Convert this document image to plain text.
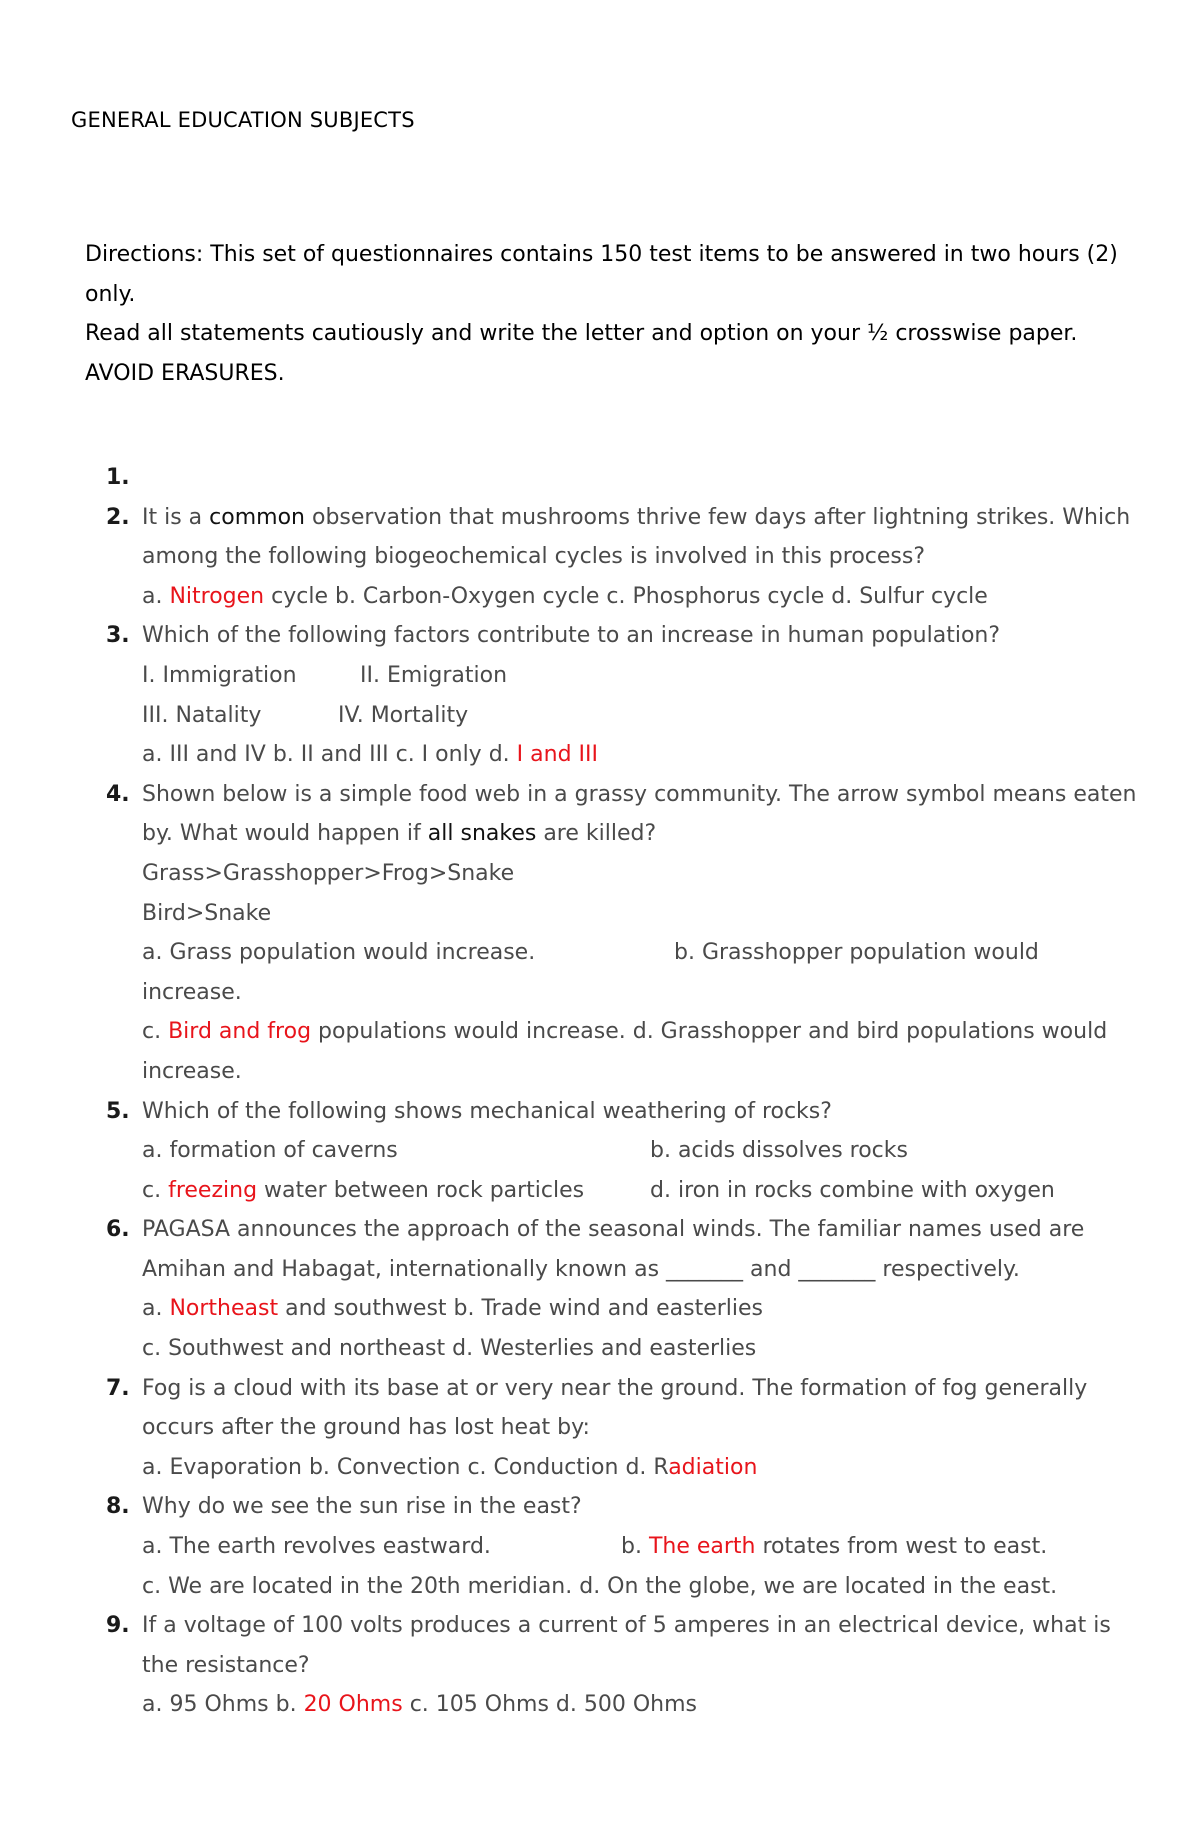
GENERAL EDUCATION SUBJECTS

Directions: This set of questionnaires contains 150 test items to be answered in two hours (2) only.

Read all statements cautiously and write the letter and option on your ½ crosswise paper.

AVOID ERASURES.

1.

2. It is a common observation that mushrooms thrive few days after lightning strikes. Which among the following biogeochemical cycles is involved in this process?
a. Nitrogen cycle b. Carbon-Oxygen cycle c. Phosphorus cycle d. Sulfur cycle
3. Which of the following factors contribute to an increase in human population?
I. Immigration	II. Emigration
III. Natality	IV. Mortality
a. III and IV b. II and III c. I only d. I and III
4. Shown below is a simple food web in a grassy community. The arrow symbol means eaten by. What would happen if all snakes are killed?
Grass>Grasshopper>Frog>Snake
Bird>Snake
a. Grass population would increase.	b. Grasshopper population would increase.
c. Bird and frog populations would increase. d. Grasshopper and bird populations would increase.
5. Which of the following shows mechanical weathering of rocks?
a. formation of caverns	b. acids dissolves rocks
c. freezing water between rock particles	d. iron in rocks combine with oxygen
6. PAGASA announces the approach of the seasonal winds. The familiar names used are Amihan and Habagat, internationally known as _______ and _______ respectively.
a. Northeast and southwest b. Trade wind and easterlies
c. Southwest and northeast d. Westerlies and easterlies
7. Fog is a cloud with its base at or very near the ground. The formation of fog generally occurs after the ground has lost heat by:
a. Evaporation b. Convection c. Conduction d. Radiation
8. Why do we see the sun rise in the east?
a. The earth revolves eastward.	b. The earth rotates from west to east.
c. We are located in the 20th meridian. d. On the globe, we are located in the east.
9. If a voltage of 100 volts produces a current of 5 amperes in an electrical device, what is the resistance?
a. 95 Ohms b. 20 Ohms c. 105 Ohms d. 500 Ohms
